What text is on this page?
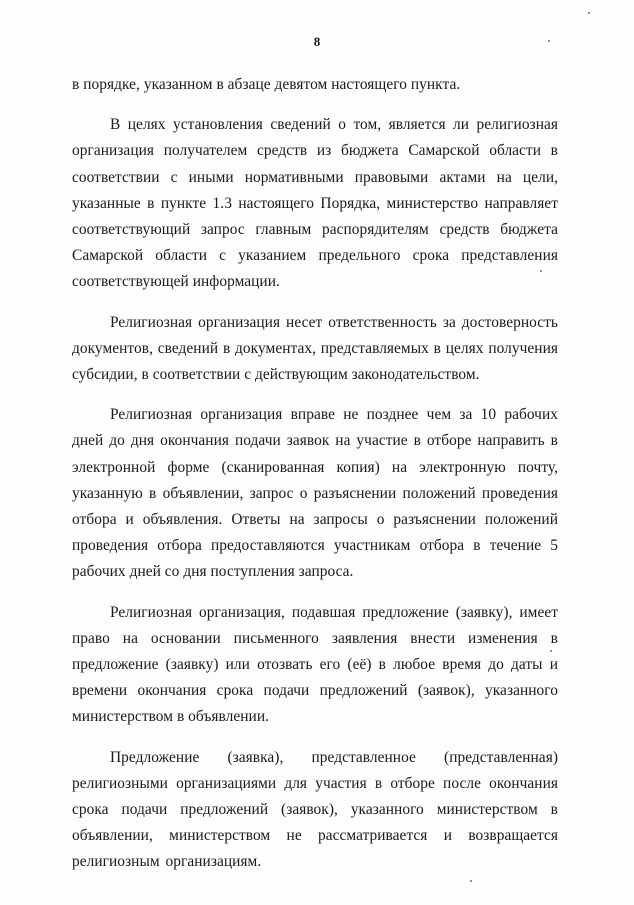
8

в порядке, указанном в абзаце девятом настоящего пункта.

В целях установления сведений о том, является ли религиозная организация получателем средств из бюджета Самарской области в соответствии с иными нормативными правовыми актами на цели, указанные в пункте 1.3 настоящего Порядка, министерство направляет соответствующий запрос главным распорядителям средств бюджета Самарской области с указанием предельного срока представления соответствующей информации.

Религиозная организация несет ответственность за достоверность документов, сведений в документах, представляемых в целях получения субсидии, в соответствии с действующим законодательством.

Религиозная организация вправе не позднее чем за 10 рабочих дней до дня окончания подачи заявок на участие в отборе направить в электронной форме (сканированная копия) на электронную почту, указанную в объявлении, запрос о разъяснении положений проведения отбора и объявления. Ответы на запросы о разъяснении положений проведения отбора предоставляются участникам отбора в течение 5 рабочих дней со дня поступления запроса.

Религиозная организация, подавшая предложение (заявку), имеет право на основании письменного заявления внести изменения в предложение (заявку) или отозвать его (её) в любое время до даты и времени окончания срока подачи предложений (заявок), указанного министерством в объявлении.

Предложение (заявка), представленное (представленная) религиозными организациями для участия в отборе после окончания срока подачи предложений (заявок), указанного министерством в объявлении, министерством не рассматривается и возвращается религиозным организациям.
